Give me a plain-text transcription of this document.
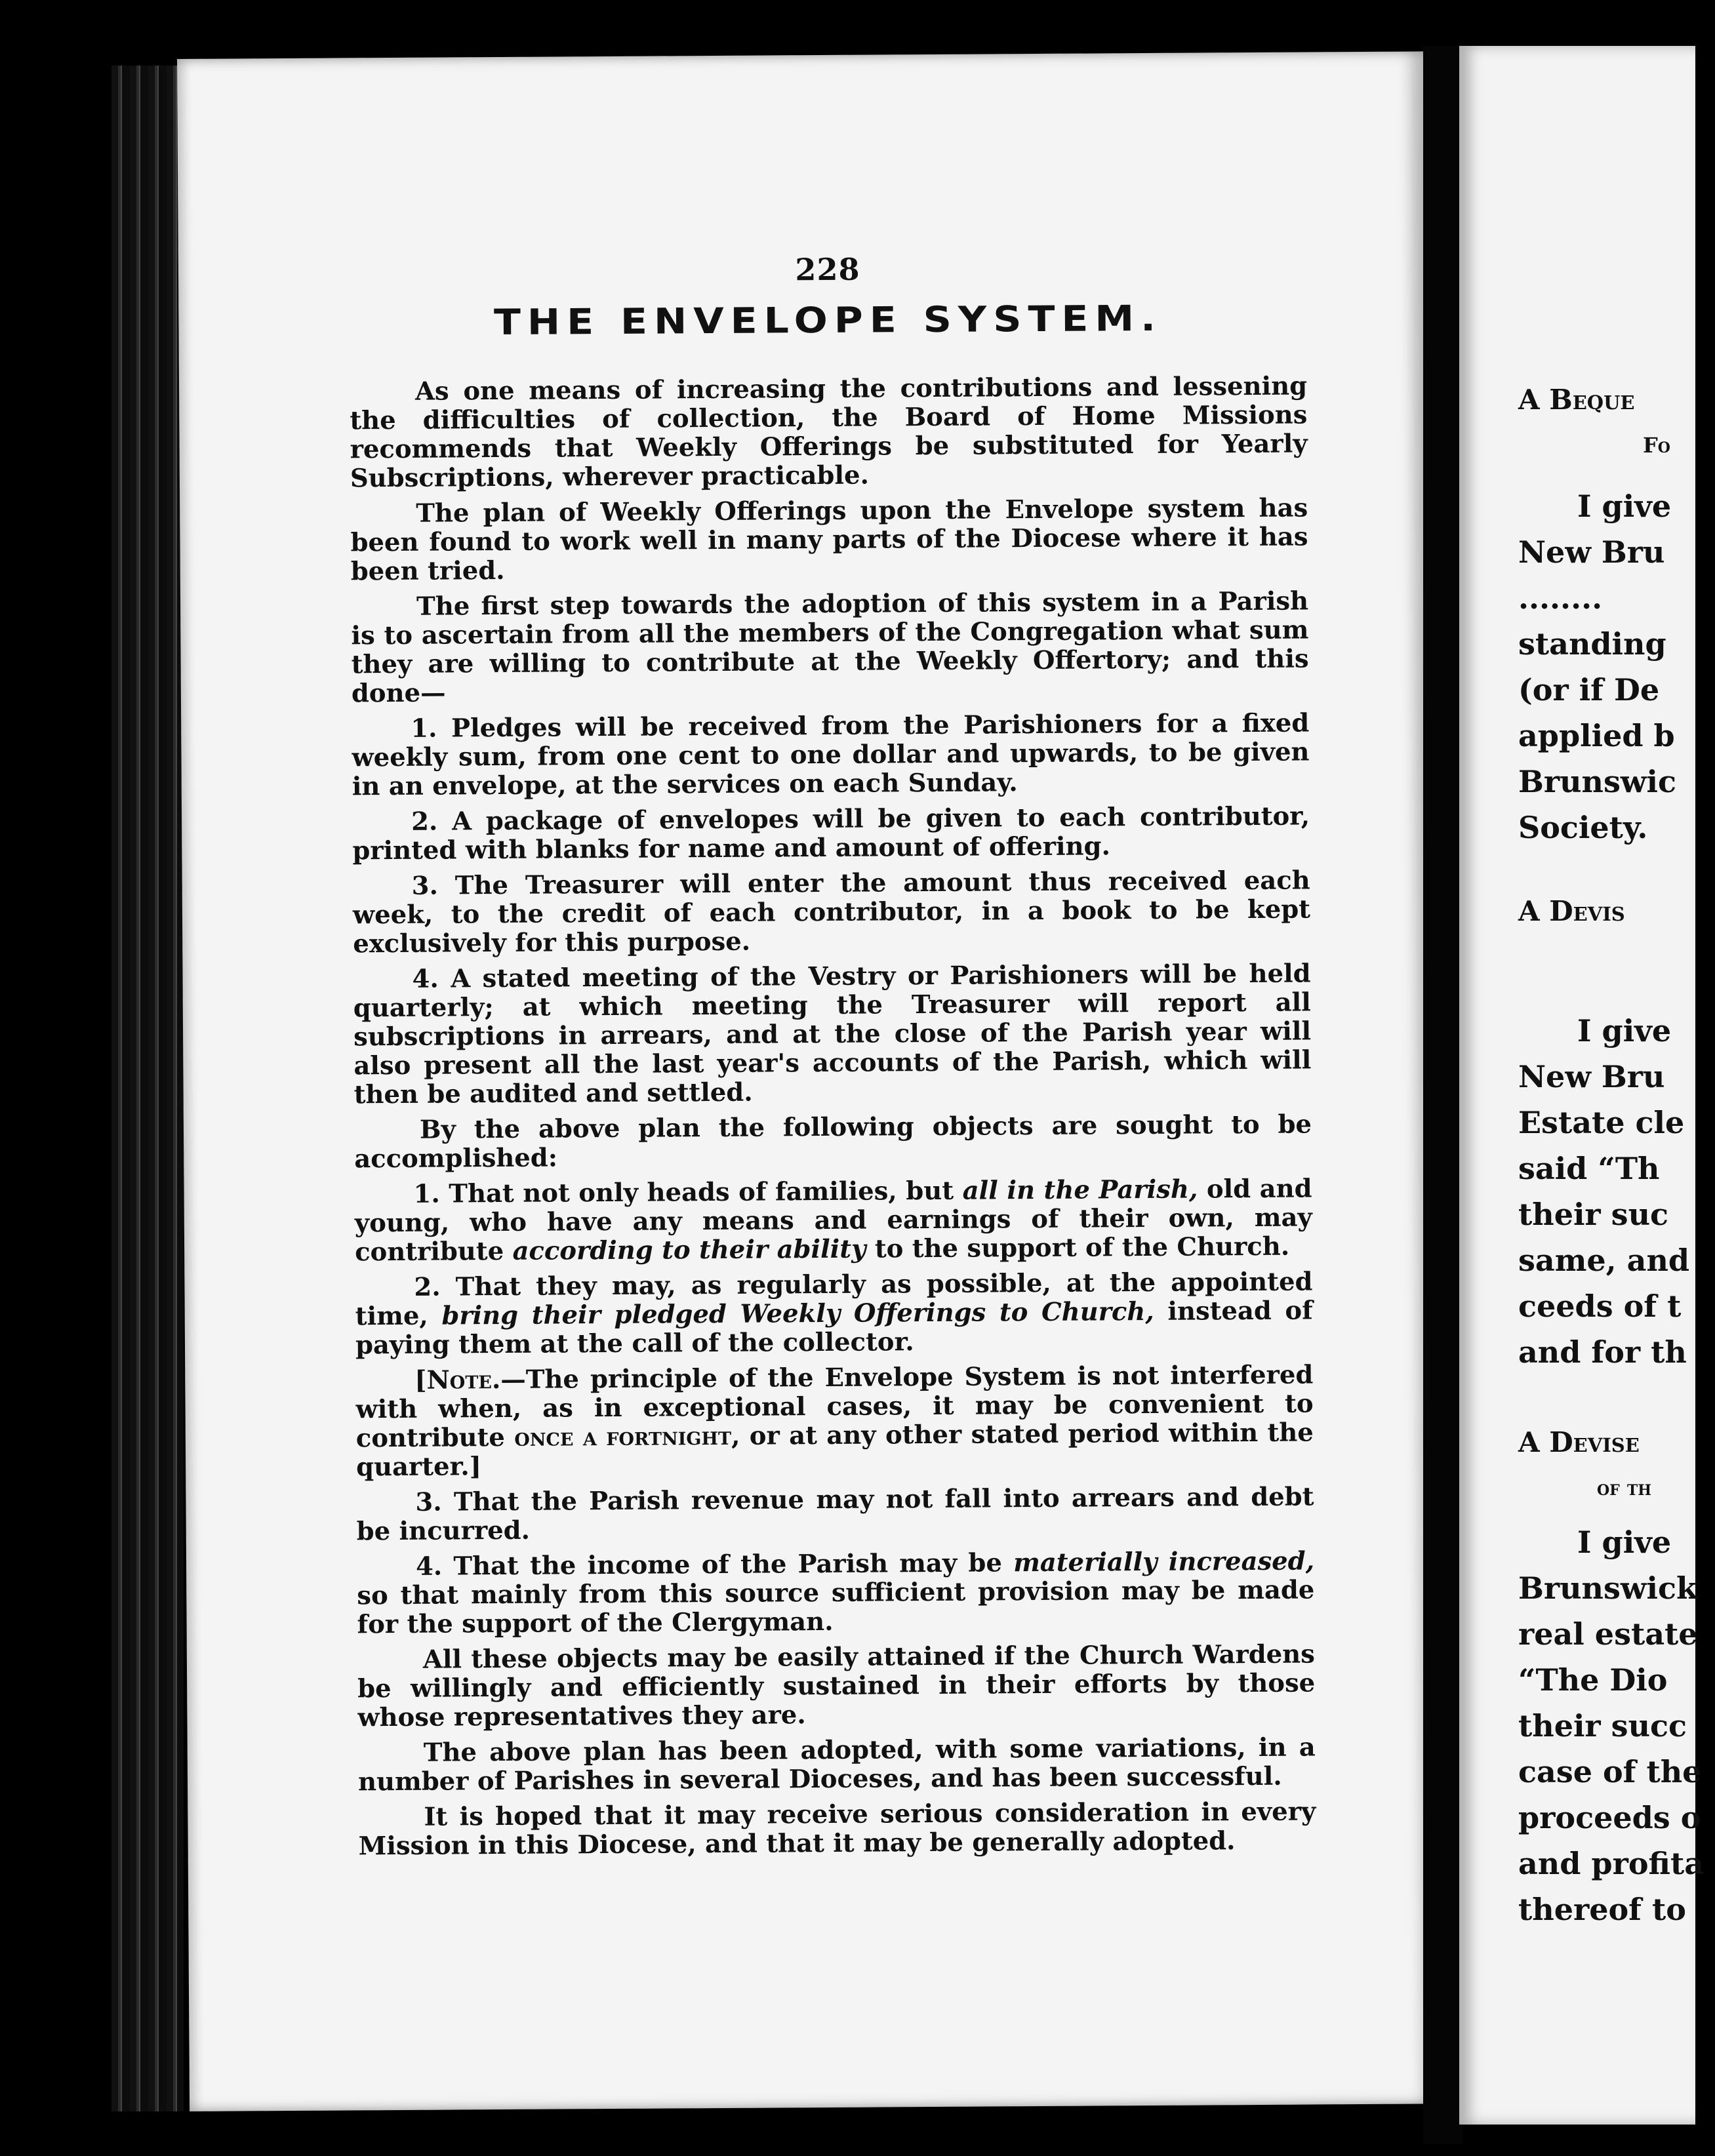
228
THE ENVELOPE SYSTEM.

As one means of increasing the contributions and lessening the difficulties of collection, the Board of Home Missions recommends that Weekly Offerings be substituted for Yearly Subscriptions, wherever practicable.

The plan of Weekly Offerings upon the Envelope system has been found to work well in many parts of the Diocese where it has been tried.

The first step towards the adoption of this system in a Parish is to ascertain from all the members of the Congregation what sum they are willing to contribute at the Weekly Offertory; and this done—

1. Pledges will be received from the Parishioners for a fixed weekly sum, from one cent to one dollar and upwards, to be given in an envelope, at the services on each Sunday.

2. A package of envelopes will be given to each contributor, printed with blanks for name and amount of offering.

3. The Treasurer will enter the amount thus received each week, to the credit of each contributor, in a book to be kept exclusively for this purpose.

4. A stated meeting of the Vestry or Parishioners will be held quarterly; at which meeting the Treasurer will report all subscriptions in arrears, and at the close of the Parish year will also present all the last year's accounts of the Parish, which will then be audited and settled.

By the above plan the following objects are sought to be accomplished:

1. That not only heads of families, but all in the Parish, old and young, who have any means and earnings of their own, may contribute according to their ability to the support of the Church.

2. That they may, as regularly as possible, at the appointed time, bring their pledged Weekly Offerings to Church, instead of paying them at the call of the collector.

[Note.—The principle of the Envelope System is not interfered with when, as in exceptional cases, it may be convenient to contribute once a fortnight, or at any other stated period within the quarter.]

3. That the Parish revenue may not fall into arrears and debt be incurred.

4. That the income of the Parish may be materially increased, so that mainly from this source sufficient provision may be made for the support of the Clergyman.

All these objects may be easily attained if the Church Wardens be willingly and efficiently sustained in their efforts by those whose representatives they are.

The above plan has been adopted, with some variations, in a number of Parishes in several Dioceses, and has been successful.

It is hoped that it may receive serious consideration in every Mission in this Diocese, and that it may be generally adopted.

A Beque
Fo
I give
New Bru
........
standing
(or if De
applied b
Brunswic
Society.
A Devis
I give
New Bru
Estate cle
said “Th
their suc
same, and
ceeds of t
and for th
A Devise
of th
I give
Brunswick
real estate
“The Dio
their succ
case of the
proceeds o
and profita
thereof to
